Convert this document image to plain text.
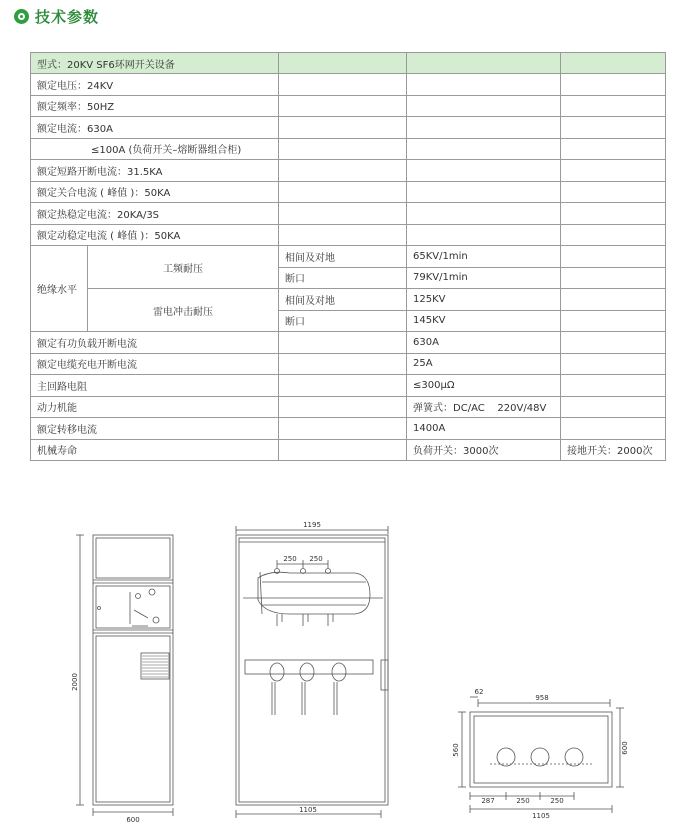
技术参数
型式：20KV SF6环网开关设备				
额定电压：24KV				
额定频率：50HZ				
额定电流：630A				
≤100A (负荷开关–熔断器组合柜)				
额定短路开断电流：31.5KA				
额定关合电流 ( 峰值 )：50KA				
额定热稳定电流：20KA/3S				
额定动稳定电流 ( 峰值 )：50KA				
绝缘水平	工频耐压	相间及对地	65KV/1min	
		断口	79KV/1min	
	雷电冲击耐压	相间及对地	125KV	
		断口	145KV	
额定有功负载开断电流			630A	
额定电缆充电开断电流			25A	
主回路电阻			≤300μΩ	
动力机能			弹簧式：DC/AC    220V/48V	
额定转移电流			1400A	
机械寿命			负荷开关：3000次	接地开关：2000次
2000
600
1195
250 250
1105
62
958
560	600
287	250	250
1105
